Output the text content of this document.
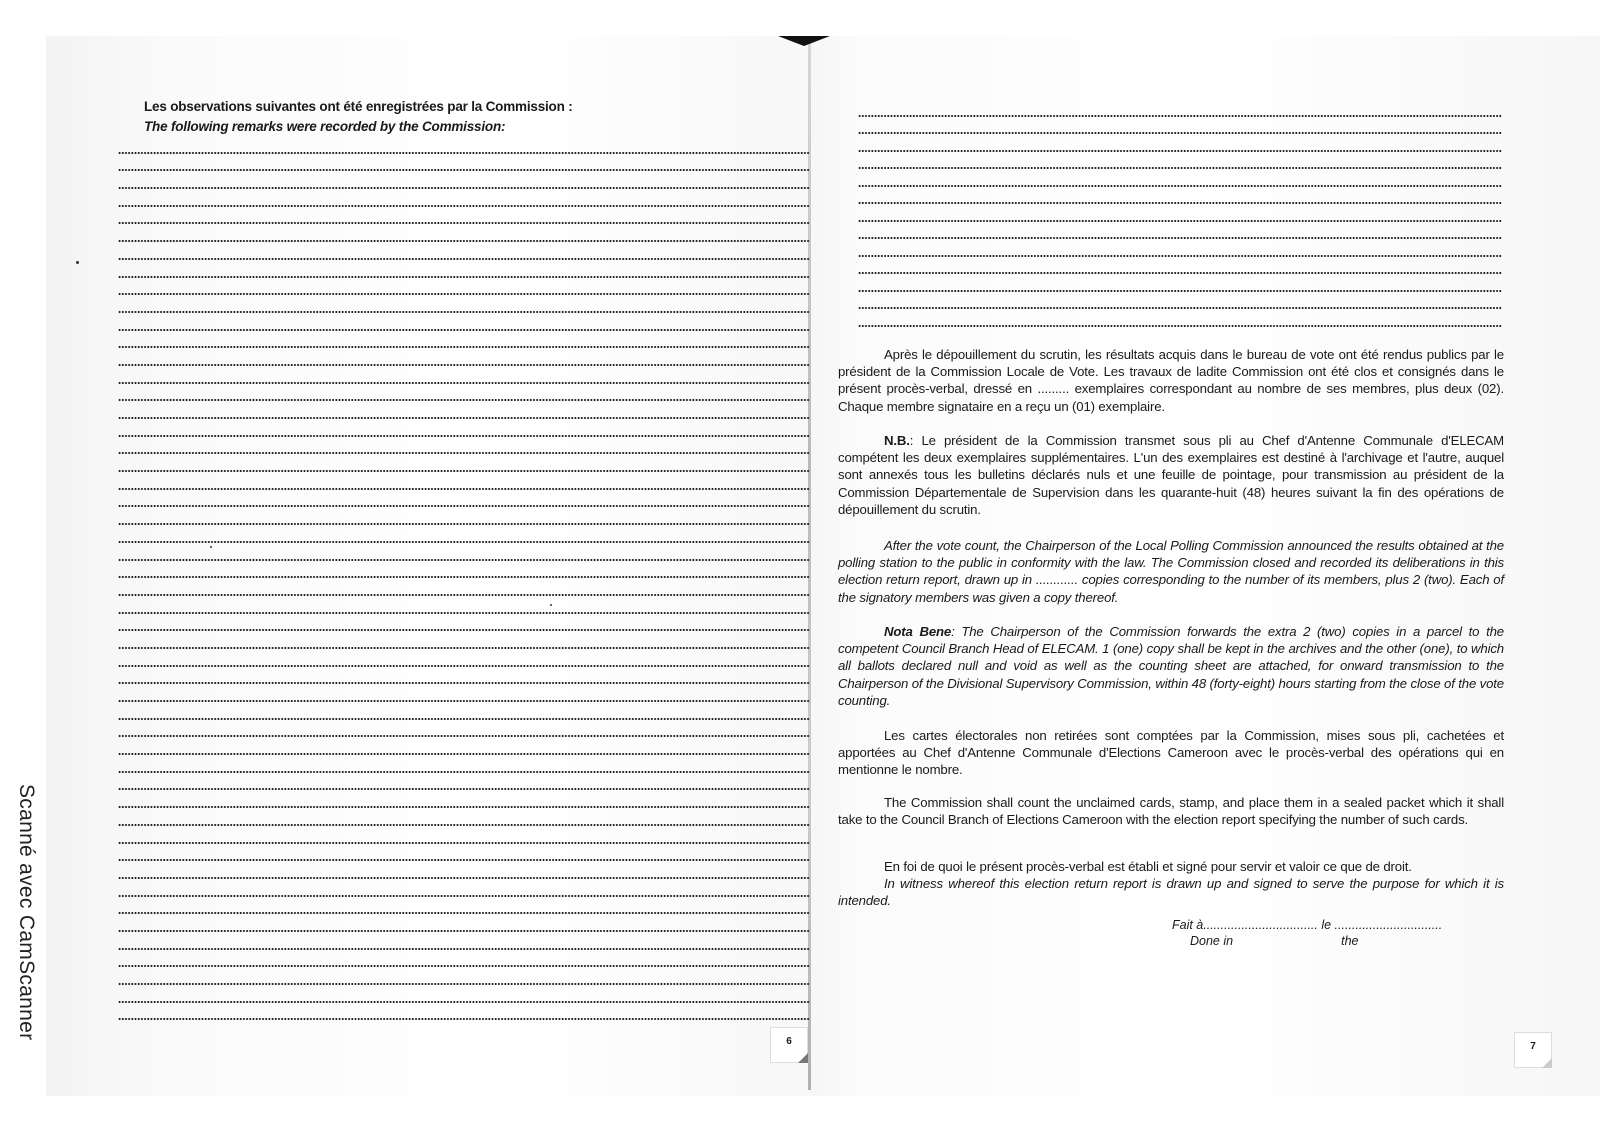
Les observations suivantes ont été enregistrées par la Commission :
The following remarks were recorded by the Commission:
6
Après le dépouillement du scrutin, les résultats acquis dans le bureau de vote ont été rendus publics par le président de la Commission Locale de Vote. Les travaux de ladite Commission ont été clos et consignés dans le présent procès-verbal, dressé en ......... exemplaires correspondant au nombre de ses membres, plus deux (02). Chaque membre signataire en a reçu un (01) exemplaire.
N.B.: Le président de la Commission transmet sous pli au Chef d'Antenne Communale d'ELECAM compétent les deux exemplaires supplémentaires. L'un des exemplaires est destiné à l'archivage et l'autre, auquel sont annexés tous les bulletins déclarés nuls et une feuille de pointage, pour transmission au président de la Commission Départementale de Supervision dans les quarante-huit (48) heures suivant la fin des opérations de dépouillement du scrutin.
After the vote count, the Chairperson of the Local Polling Commission announced the results obtained at the polling station to the public in conformity with the law. The Commission closed and recorded its deliberations in this election return report, drawn up in ............ copies corresponding to the number of its members, plus 2 (two). Each of the signatory members was given a copy thereof.
Nota Bene: The Chairperson of the Commission forwards the extra 2 (two) copies in a parcel to the competent Council Branch Head of ELECAM. 1 (one) copy shall be kept in the archives and the other (one), to which all ballots declared null and void as well as the counting sheet are attached, for onward transmission to the Chairperson of the Divisional Supervisory Commission, within 48 (forty-eight) hours starting from the close of the vote counting.
Les cartes électorales non retirées sont comptées par la Commission, mises sous pli, cachetées et apportées au Chef d'Antenne Communale d'Elections Cameroon avec le procès-verbal des opérations qui en mentionne le nombre.
The Commission shall count the unclaimed cards, stamp, and place them in a sealed packet which it shall take to the Council Branch of Elections Cameroon with the election report specifying the number of such cards.
En foi de quoi le présent procès-verbal est établi et signé pour servir et valoir ce que de droit.
In witness whereof this election return report is drawn up and signed to serve the purpose for which it is intended.
Fait à................................. le ...............................
Done in	the
7
Scanné avec CamScanner
